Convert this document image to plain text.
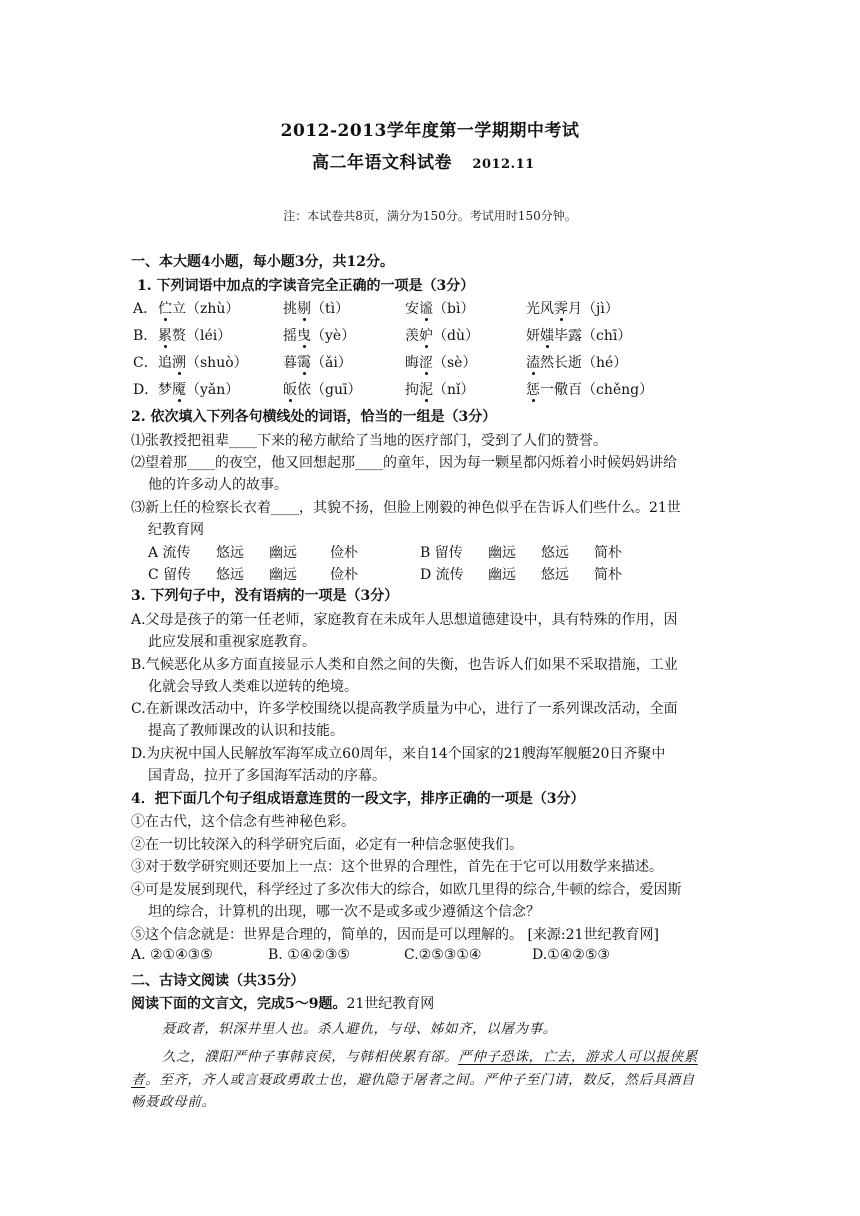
2012-2013学年度第一学期期中考试
高二年语文科试卷 2012.11
注：本试卷共8页，满分为150分。考试用时150分钟。
一、本大题4小题，每小题3分，共12分。
1. 下列词语中加点的字读音完全正确的一项是（3分）
A． 伫立（zhù）	挑剔（tì）	安谧（bì）	光风霁月（jì）
B． 累赘（léi）	摇曳（yè）	羡妒（dù）	妍媸毕露（chī）
C． 追溯（shuò）	暮霭（ǎi）	晦涩（sè）	溘然长逝（hé）
D． 梦魇（yǎn）	皈依（guī）	拘泥（nǐ）	惩一儆百（chěng）
2. 依次填入下列各句横线处的词语，恰当的一组是（3分）
⑴张教授把祖辈____下来的秘方献给了当地的医疗部门，受到了人们的赞誉。
⑵望着那____的夜空，他又回想起那____的童年，因为每一颗星都闪烁着小时候妈妈讲给
他的许多动人的故事。
⑶新上任的检察长衣着____，其貌不扬，但脸上刚毅的神色似乎在告诉人们些什么。21世
纪教育网
A 流传 悠远 幽远 俭朴	B 留传 幽远 悠远 简朴
C 留传 悠远 幽远 俭朴	D 流传 幽远 悠远 简朴
3. 下列句子中，没有语病的一项是（3分）
A.父母是孩子的第一任老师，家庭教育在未成年人思想道德建设中，具有特殊的作用，因
此应发展和重视家庭教育。
B.气候恶化从多方面直接显示人类和自然之间的失衡，也告诉人们如果不采取措施，工业
化就会导致人类难以逆转的绝境。
C.在新课改活动中，许多学校围绕以提高教学质量为中心，进行了一系列课改活动，全面
提高了教师课改的认识和技能。
D.为庆祝中国人民解放军海军成立60周年，来自14个国家的21艘海军舰艇20日齐聚中
国青岛，拉开了多国海军活动的序幕。
4．把下面几个句子组成语意连贯的一段文字，排序正确的一项是（3分）
①在古代，这个信念有些神秘色彩。
②在一切比较深入的科学研究后面，必定有一种信念驱使我们。
③对于数学研究则还要加上一点：这个世界的合理性，首先在于它可以用数学来描述。
④可是发展到现代，科学经过了多次伟大的综合，如欧几里得的综合,牛顿的综合，爱因斯
坦的综合，计算机的出现，哪一次不是或多或少遵循这个信念？
⑤这个信念就是：世界是合理的，简单的，因而是可以理解的。 [来源:21世纪教育网]
A. ②①④③⑤	B. ①④②③⑤	C.②⑤③①④	D.①④②⑤③
二、古诗文阅读（共35分）
阅读下面的文言文，完成5～9题。21世纪教育网
聂政者，轵深井里人也。杀人避仇，与母、姊如齐，以屠为事。
久之，濮阳严仲子事韩哀侯，与韩相侠累有郤。严仲子恐诛，亡去，游求人可以报侠累
者。至齐，齐人或言聂政勇敢士也，避仇隐于屠者之间。严仲子至门请，数反，然后具酒自
畅聂政母前。
